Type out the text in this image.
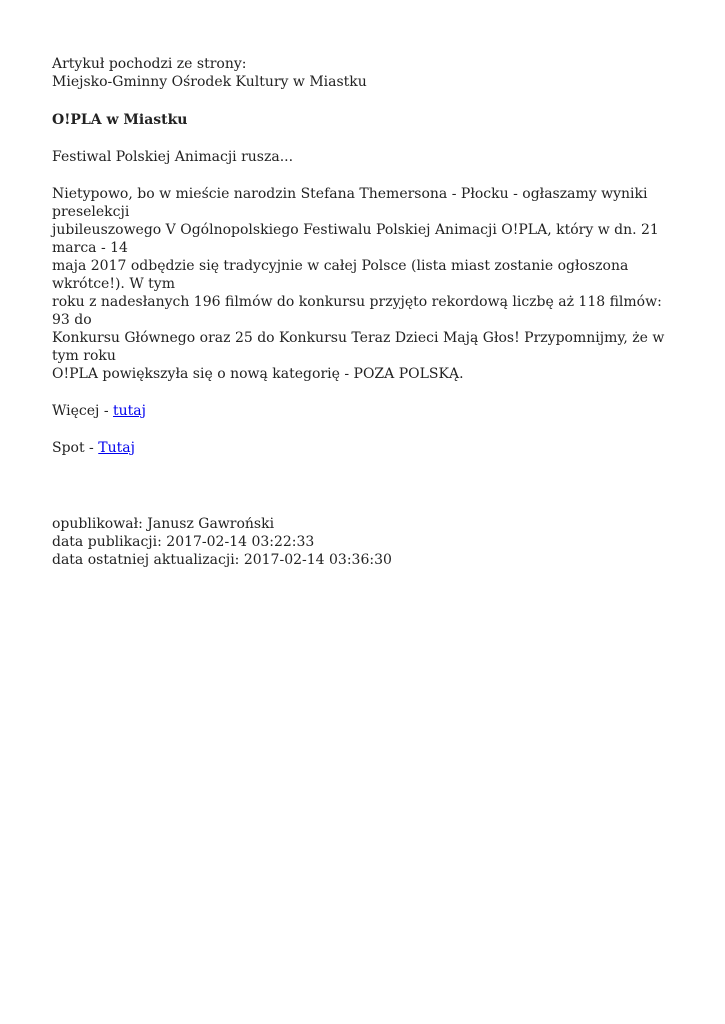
Artykuł pochodzi ze strony:
Miejsko-Gminny Ośrodek Kultury w Miastku
O!PLA w Miastku
Festiwal Polskiej Animacji rusza...
Nietypowo, bo w mieście narodzin Stefana Themersona - Płocku - ogłaszamy wyniki preselekcji
jubileuszowego V Ogólnopolskiego Festiwalu Polskiej Animacji O!PLA, który w dn. 21 marca - 14
maja 2017 odbędzie się tradycyjnie w całej Polsce (lista miast zostanie ogłoszona wkrótce!). W tym
roku z nadesłanych 196 filmów do konkursu przyjęto rekordową liczbę aż 118 filmów: 93 do
Konkursu Głównego oraz 25 do Konkursu Teraz Dzieci Mają Głos! Przypomnijmy, że w tym roku
O!PLA powiększyła się o nową kategorię - POZA POLSKĄ.
Więcej - tutaj
Spot - Tutaj
opublikował: Janusz Gawroński
data publikacji: 2017-02-14 03:22:33
data ostatniej aktualizacji: 2017-02-14 03:36:30
